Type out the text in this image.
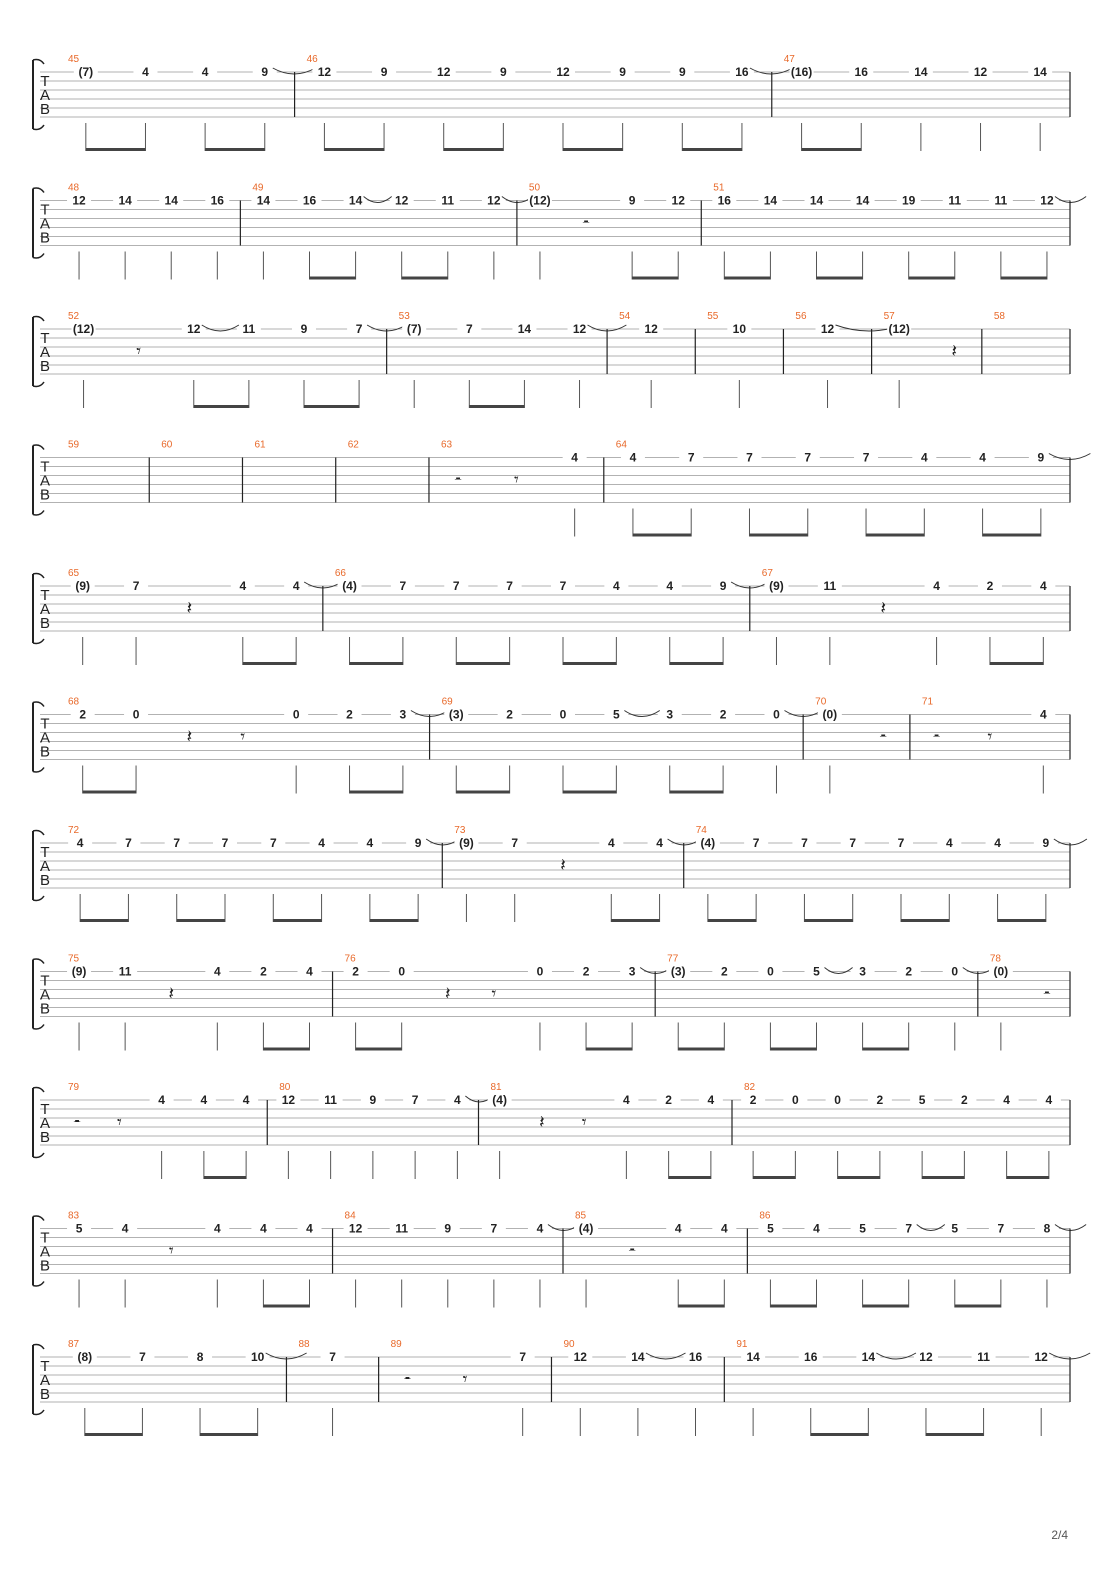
T
A
B
45
(7)	4	4	9
46
12	9	12	9	12	9	9	16
47
(16)	16	14	12	14
T
A
B
48
12	14	14	16
49
14	16	14	12	11	12
50
(12)
𝄼
9	12
51
16	14	14	14	19	11	11	12
T
A
B
52
(12)
𝄾
12	11	9	7
53
(7)	7	14	12
54
12
55
10
56
12
57
(12)
𝄽
58
T
A
B
59	60	61	62	63
𝄼	𝄾
4
64
4	7	7	7	7	4	4	9
T
A
B
65
(9)	7
𝄽
4	4
66
(4)	7	7	7	7	4	4	9
67
(9)	11
𝄽
4	2	4
T
A
B
68
2	0
𝄽	𝄾
0	2	3
69
(3)	2	0	5	3	2	0
70
(0)
𝄼
71
𝄼	𝄾
4
T
A
B
72
4	7	7	7	7	4	4	9
73
(9)	7
𝄽
4	4
74
(4)	7	7	7	7	4	4	9
T
A
B
75
(9)	11
𝄽
4	2	4
76
2	0
𝄽 𝄾
0	2	3
77
(3)	2	0	5	3	2	0
78
(0)
𝄼
T
A
B
79
𝄼 𝄾
4	4	4
80
12 11	9	7	4
81
(4)
𝄽 𝄾
4	2	4
82
2	0	0	2	5	2	4	4
T
A
B
83
5	4
𝄾
4	4	4
84
12	11	9	7	4
85
(4)
𝄼
4	4
86
5	4	5	7	5	7	8
T
A
B
87
(8)	7	8	10
88
7
89
𝄼	𝄾
7
90
12	14	16
91
14	16	14	12	11	12
2/4
